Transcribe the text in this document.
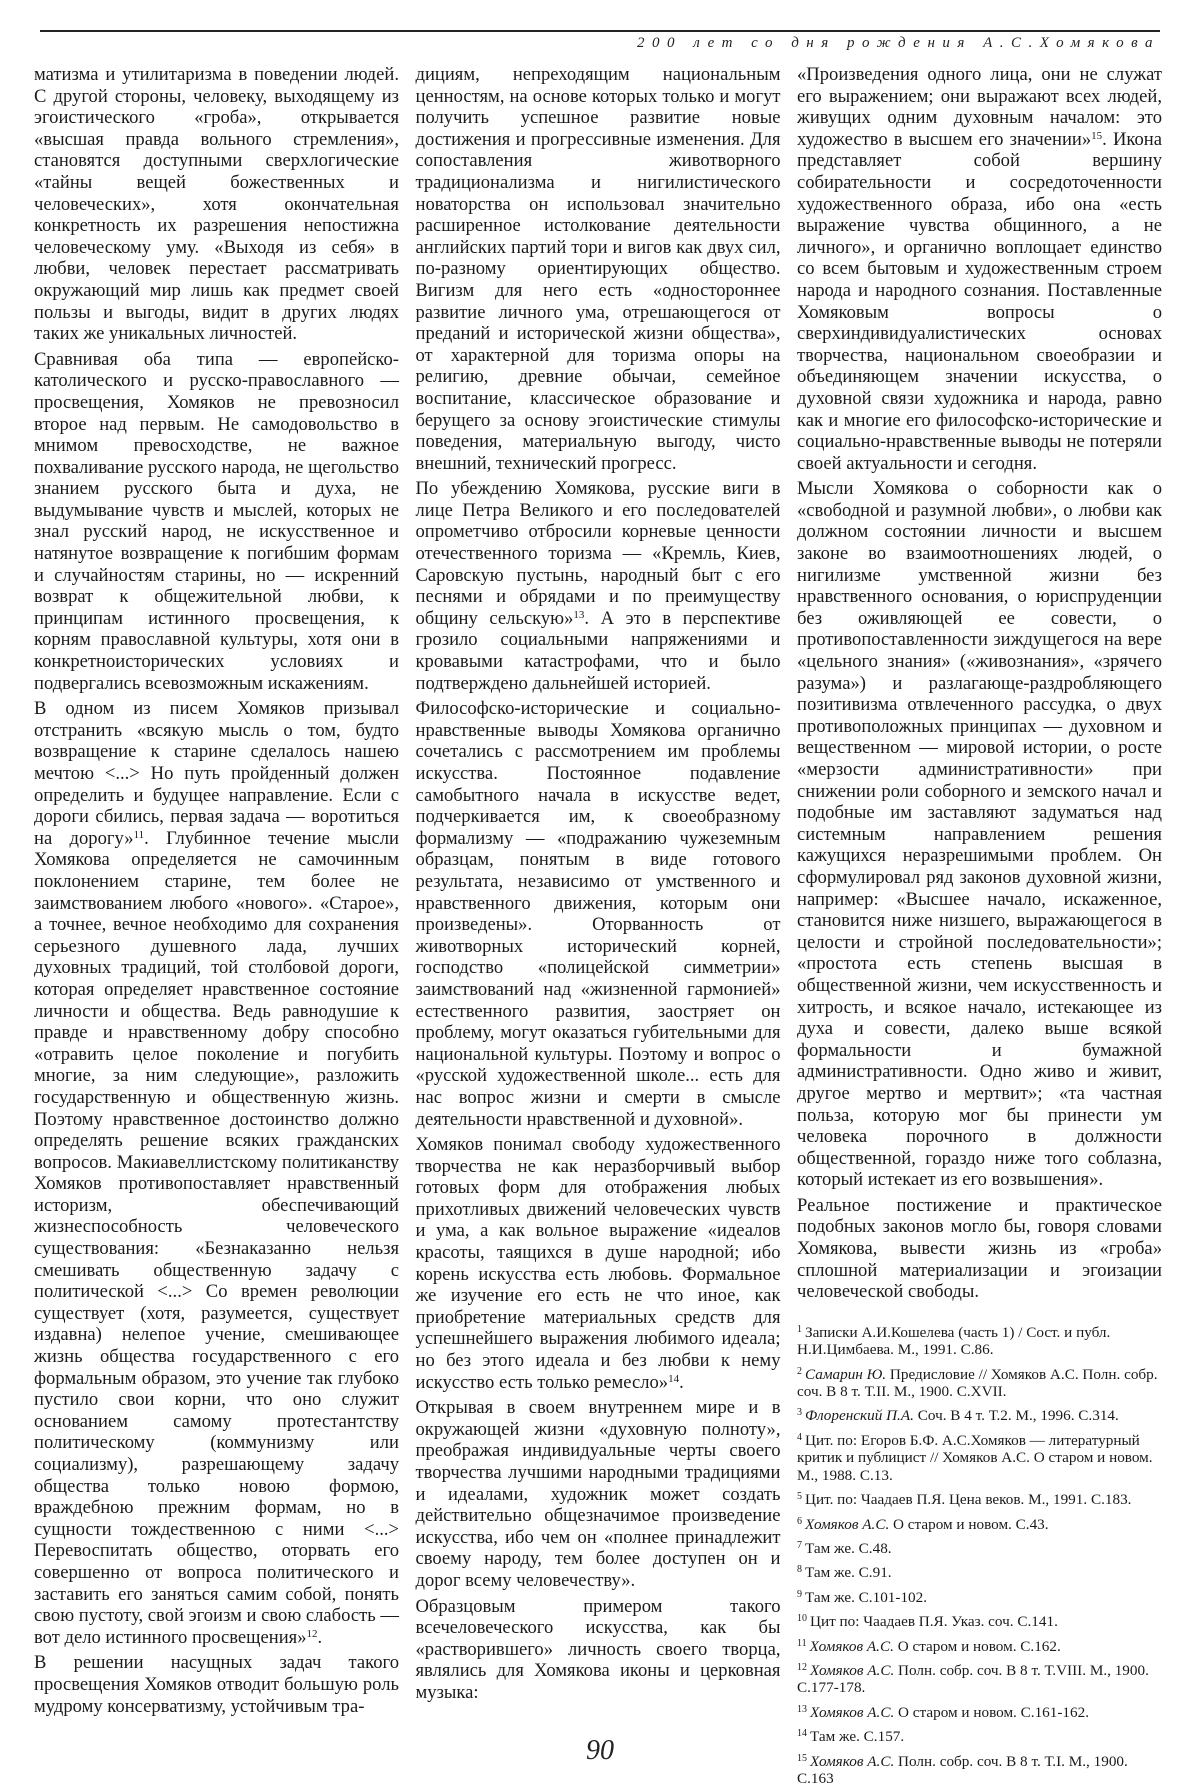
200 лет со дня рождения А.С.Хомякова

матизма и утилитаризма в поведении людей. С другой стороны, человеку, выходящему из эгоистического «гроба», открывается «высшая правда вольного стремления», становятся доступными сверхлогические «тайны вещей божественных и человеческих», хотя окончательная конкретность их разрешения непостижна человеческому уму. «Выходя из себя» в любви, человек перестает рассматривать окружающий мир лишь как предмет своей пользы и выгоды, видит в других людях таких же уникальных личностей.

Сравнивая оба типа — европейско-католического и русско-православного — просвещения, Хомяков не превозносил второе над первым. Не самодовольство в мнимом превосходстве, не важное похваливание русского народа, не щегольство знанием русского быта и духа, не выдумывание чувств и мыслей, которых не знал русский народ, не искусственное и натянутое возвращение к погибшим формам и случайностям старины, но — искренний возврат к общежительной любви, к принципам истинного просвещения, к корням православной культуры, хотя они в конкретноисторических условиях и подвергались всевозможным искажениям.

В одном из писем Хомяков призывал отстранить «всякую мысль о том, будто возвращение к старине сделалось нашею мечтою <...> Но путь пройденный должен определить и будущее направление. Если с дороги сбились, первая задача — воротиться на дорогу»$^{11}$. Глубинное течение мысли Хомякова определяется не самочинным поклонением старине, тем более не заимствованием любого «нового». «Старое», а точнее, вечное необходимо для сохранения серьезного душевного лада, лучших духовных традиций, той столбовой дороги, которая определяет нравственное состояние личности и общества. Ведь равнодушие к правде и нравственному добру способно «отравить целое поколение и погубить многие, за ним следующие», разложить государственную и общественную жизнь. Поэтому нравственное достоинство должно определять решение всяких гражданских вопросов. Макиавеллистскому политиканству Хомяков противопоставляет нравственный историзм, обеспечивающий жизнеспособность человеческого существования: «Безнаказанно нельзя смешивать общественную задачу с политической <...> Со времен революции существует (хотя, разумеется, существует издавна) нелепое учение, смешивающее жизнь общества государственного с его формальным образом, это учение так глубоко пустило свои корни, что оно служит основанием самому протестантству политическому (коммунизму или социализму), разрешающему задачу общества только новою формою, враждебною прежним формам, но в сущности тождественною с ними <...> Перевоспитать общество, оторвать его совершенно от вопроса политического и заставить его заняться самим собой, понять свою пустоту, свой эгоизм и свою слабость — вот дело истинного просвещения»$^{12}$.

В решении насущных задач такого просвещения Хомяков отводит большую роль мудрому консерватизму, устойчивым тра-

дициям, непреходящим национальным ценностям, на основе которых только и могут получить успешное развитие новые достижения и прогрессивные изменения. Для сопоставления животворного традиционализма и нигилистического новаторства он использовал значительно расширенное истолкование деятельности английских партий тори и вигов как двух сил, по-разному ориентирующих общество. Вигизм для него есть «одностороннее развитие личного ума, отрешающегося от преданий и исторической жизни общества», от характерной для торизма опоры на религию, древние обычаи, семейное воспитание, классическое образование и берущего за основу эгоистические стимулы поведения, материальную выгоду, чисто внешний, технический прогресс.

По убеждению Хомякова, русские виги в лице Петра Великого и его последователей опрометчиво отбросили корневые ценности отечественного торизма — «Кремль, Киев, Саровскую пустынь, народный быт с его песнями и обрядами и по преимуществу общину сельскую»$^{13}$. А это в перспективе грозило социальными напряжениями и кровавыми катастрофами, что и было подтверждено дальнейшей историей.

Философско-исторические и социально-нравственные выводы Хомякова органично сочетались с рассмотрением им проблемы искусства. Постоянное подавление самобытного начала в искусстве ведет, подчеркивается им, к своеобразному формализму — «подражанию чужеземным образцам, понятым в виде готового результата, независимо от умственного и нравственного движения, которым они произведены». Оторванность от животворных исторический корней, господство «полицейской симметрии» заимствований над «жизненной гармонией» естественного развития, заостряет он проблему, могут оказаться губительными для национальной культуры. Поэтому и вопрос о «русской художественной школе... есть для нас вопрос жизни и смерти в смысле деятельности нравственной и духовной».

Хомяков понимал свободу художественного творчества не как неразборчивый выбор готовых форм для отображения любых прихотливых движений человеческих чувств и ума, а как вольное выражение «идеалов красоты, таящихся в душе народной; ибо корень искусства есть любовь. Формальное же изучение его есть не что иное, как приобретение материальных средств для успешнейшего выражения любимого идеала; но без этого идеала и без любви к нему искусство есть только ремесло»$^{14}$.

Открывая в своем внутреннем мире и в окружающей жизни «духовную полноту», преображая индивидуальные черты своего творчества лучшими народными традициями и идеалами, художник может создать действительно общезначимое произведение искусства, ибо чем он «полнее принадлежит своему народу, тем более доступен он и дорог всему человечеству».

Образцовым примером такого всечеловеческого искусства, как бы «растворившего» личность своего творца, являлись для Хомякова иконы и церковная музыка:

«Произведения одного лица, они не служат его выражением; они выражают всех людей, живущих одним духовным началом: это художество в высшем его значении»$^{15}$. Икона представляет собой вершину собирательности и сосредоточенности художественного образа, ибо она «есть выражение чувства общинного, а не личного», и органично воплощает единство со всем бытовым и художественным строем народа и народного сознания. Поставленные Хомяковым вопросы о сверхиндивидуалистических основах творчества, национальном своеобразии и объединяющем значении искусства, о духовной связи художника и народа, равно как и многие его философско-исторические и социально-нравственные выводы не потеряли своей актуальности и сегодня.

Мысли Хомякова о соборности как о «свободной и разумной любви», о любви как должном состоянии личности и высшем законе во взаимоотношениях людей, о нигилизме умственной жизни без нравственного основания, о юриспруденции без оживляющей ее совести, о противопоставленности зиждущегося на вере «цельного знания» («живознания», «зрячего разума») и разлагающе-раздробляющего позитивизма отвлеченного рассудка, о двух противоположных принципах — духовном и вещественном — мировой истории, о росте «мерзости административности» при снижении роли соборного и земского начал и подобные им заставляют задуматься над системным направлением решения кажущихся неразрешимыми проблем. Он сформулировал ряд законов духовной жизни, например: «Высшее начало, искаженное, становится ниже низшего, выражающегося в целости и стройной последовательности»; «простота есть степень высшая в общественной жизни, чем искусственность и хитрость, и всякое начало, истекающее из духа и совести, далеко выше всякой формальности и бумажной административности. Одно живо и живит, другое мертво и мертвит»; «та частная польза, которую мог бы принести ум человека порочного в должности общественной, гораздо ниже того соблазна, который истекает из его возвышения».

Реальное постижение и практическое подобных законов могло бы, говоря словами Хомякова, вывести жизнь из «гроба» сплошной материализации и эгоизации человеческой свободы.

$^1$ Записки А.И.Кошелева (часть 1) / Сост. и публ. Н.И.Цимбаева. М., 1991. С.86.

$^2$ Самарин Ю. Предисловие // Хомяков А.С. Полн. собр. соч. В 8 т. Т.II. М., 1900. С.XVII.

$^3$ Флоренский П.А. Соч. В 4 т. Т.2. М., 1996. С.314.

$^4$ Цит. по: Егоров Б.Ф. А.С.Хомяков — литературный критик и публицист // Хомяков А.С. О старом и новом. М., 1988. С.13.

$^5$ Цит. по: Чаадаев П.Я. Цена веков. М., 1991. С.183.

$^6$ Хомяков А.С. О старом и новом. С.43.

$^7$ Там же. С.48.

$^8$ Там же. С.91.

$^9$ Там же. С.101-102.

$^{10}$ Цит по: Чаадаев П.Я. Указ. соч. С.141.

$^{11}$ Хомяков А.С. О старом и новом. С.162.

$^{12}$ Хомяков А.С. Полн. собр. соч. В 8 т. Т.VIII. М., 1900. С.177-178.

$^{13}$ Хомяков А.С. О старом и новом. С.161-162.

$^{14}$ Там же. С.157.

$^{15}$ Хомяков А.С. Полн. собр. соч. В 8 т. Т.I. М., 1900. С.163

90
